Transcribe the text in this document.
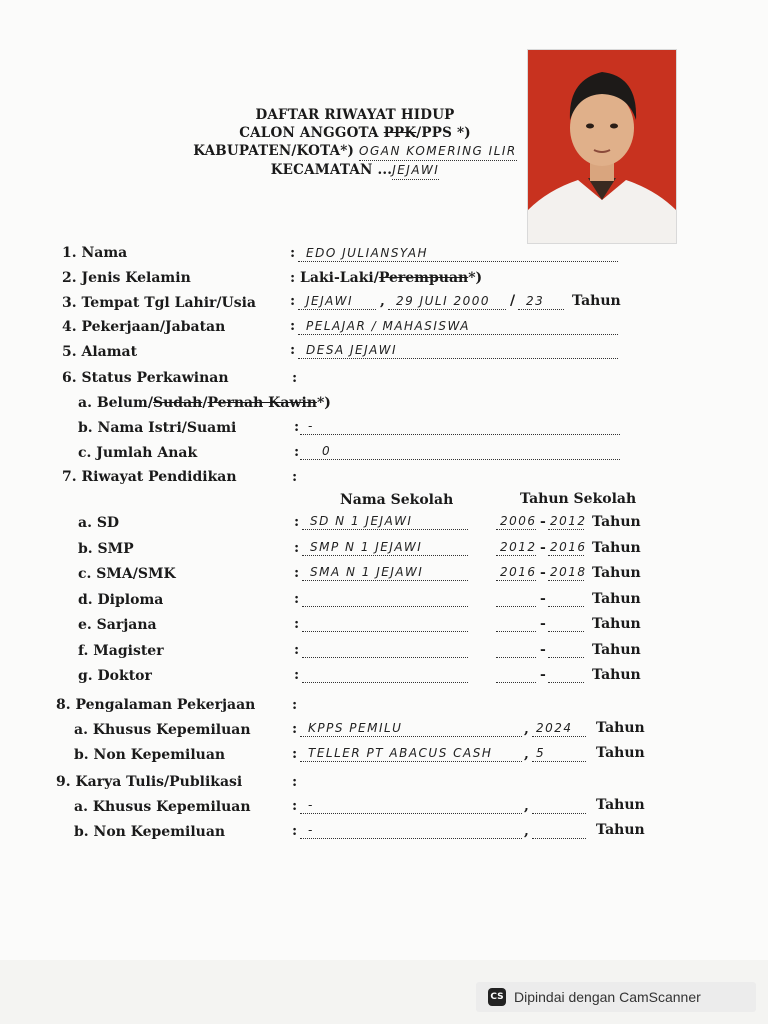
DAFTAR RIWAYAT HIDUP
CALON ANGGOTA PPK/PPS *)
KABUPATEN/KOTA*) OGAN KOMERING ILIR
KECAMATAN ...JEJAWI
1. Nama	: EDO JULIANSYAH
2. Jenis Kelamin	: Laki-Laki/Perempuan*)
3. Tempat Tgl Lahir/Usia : JEJAWI , 29 JULI 2000 / 23 Tahun
4. Pekerjaan/Jabatan	: PELAJAR / MAHASISWA
5. Alamat	: DESA JEJAWI
6. Status Perkawinan	:
a. Belum/Sudah/Pernah Kawin*)
b. Nama Istri/Suami	: -
c. Jumlah Anak	: 0
7. Riwayat Pendidikan	:
Nama Sekolah	Tahun Sekolah
a. SD	: SD N 1 JEJAWI	2006 - 2012 Tahun
b. SMP	: SMP N 1 JEJAWI	2012 - 2016 Tahun
c. SMA/SMK	: SMA N 1 JEJAWI	2016 - 2018 Tahun
d. Diploma	:	-	Tahun
e. Sarjana	:	-	Tahun
f. Magister	:	-	Tahun
g. Doktor	:	-	Tahun
8. Pengalaman Pekerjaan	:
a. Khusus Kepemiluan	: KPPS PEMILU	, 2024 Tahun
b. Non Kepemiluan	: TELLER PT ABACUS CASH , 5	Tahun
9. Karya Tulis/Publikasi	:
a. Khusus Kepemiluan	: -	,	Tahun
b. Non Kepemiluan	: -	,	Tahun
CS Dipindai dengan CamScanner
